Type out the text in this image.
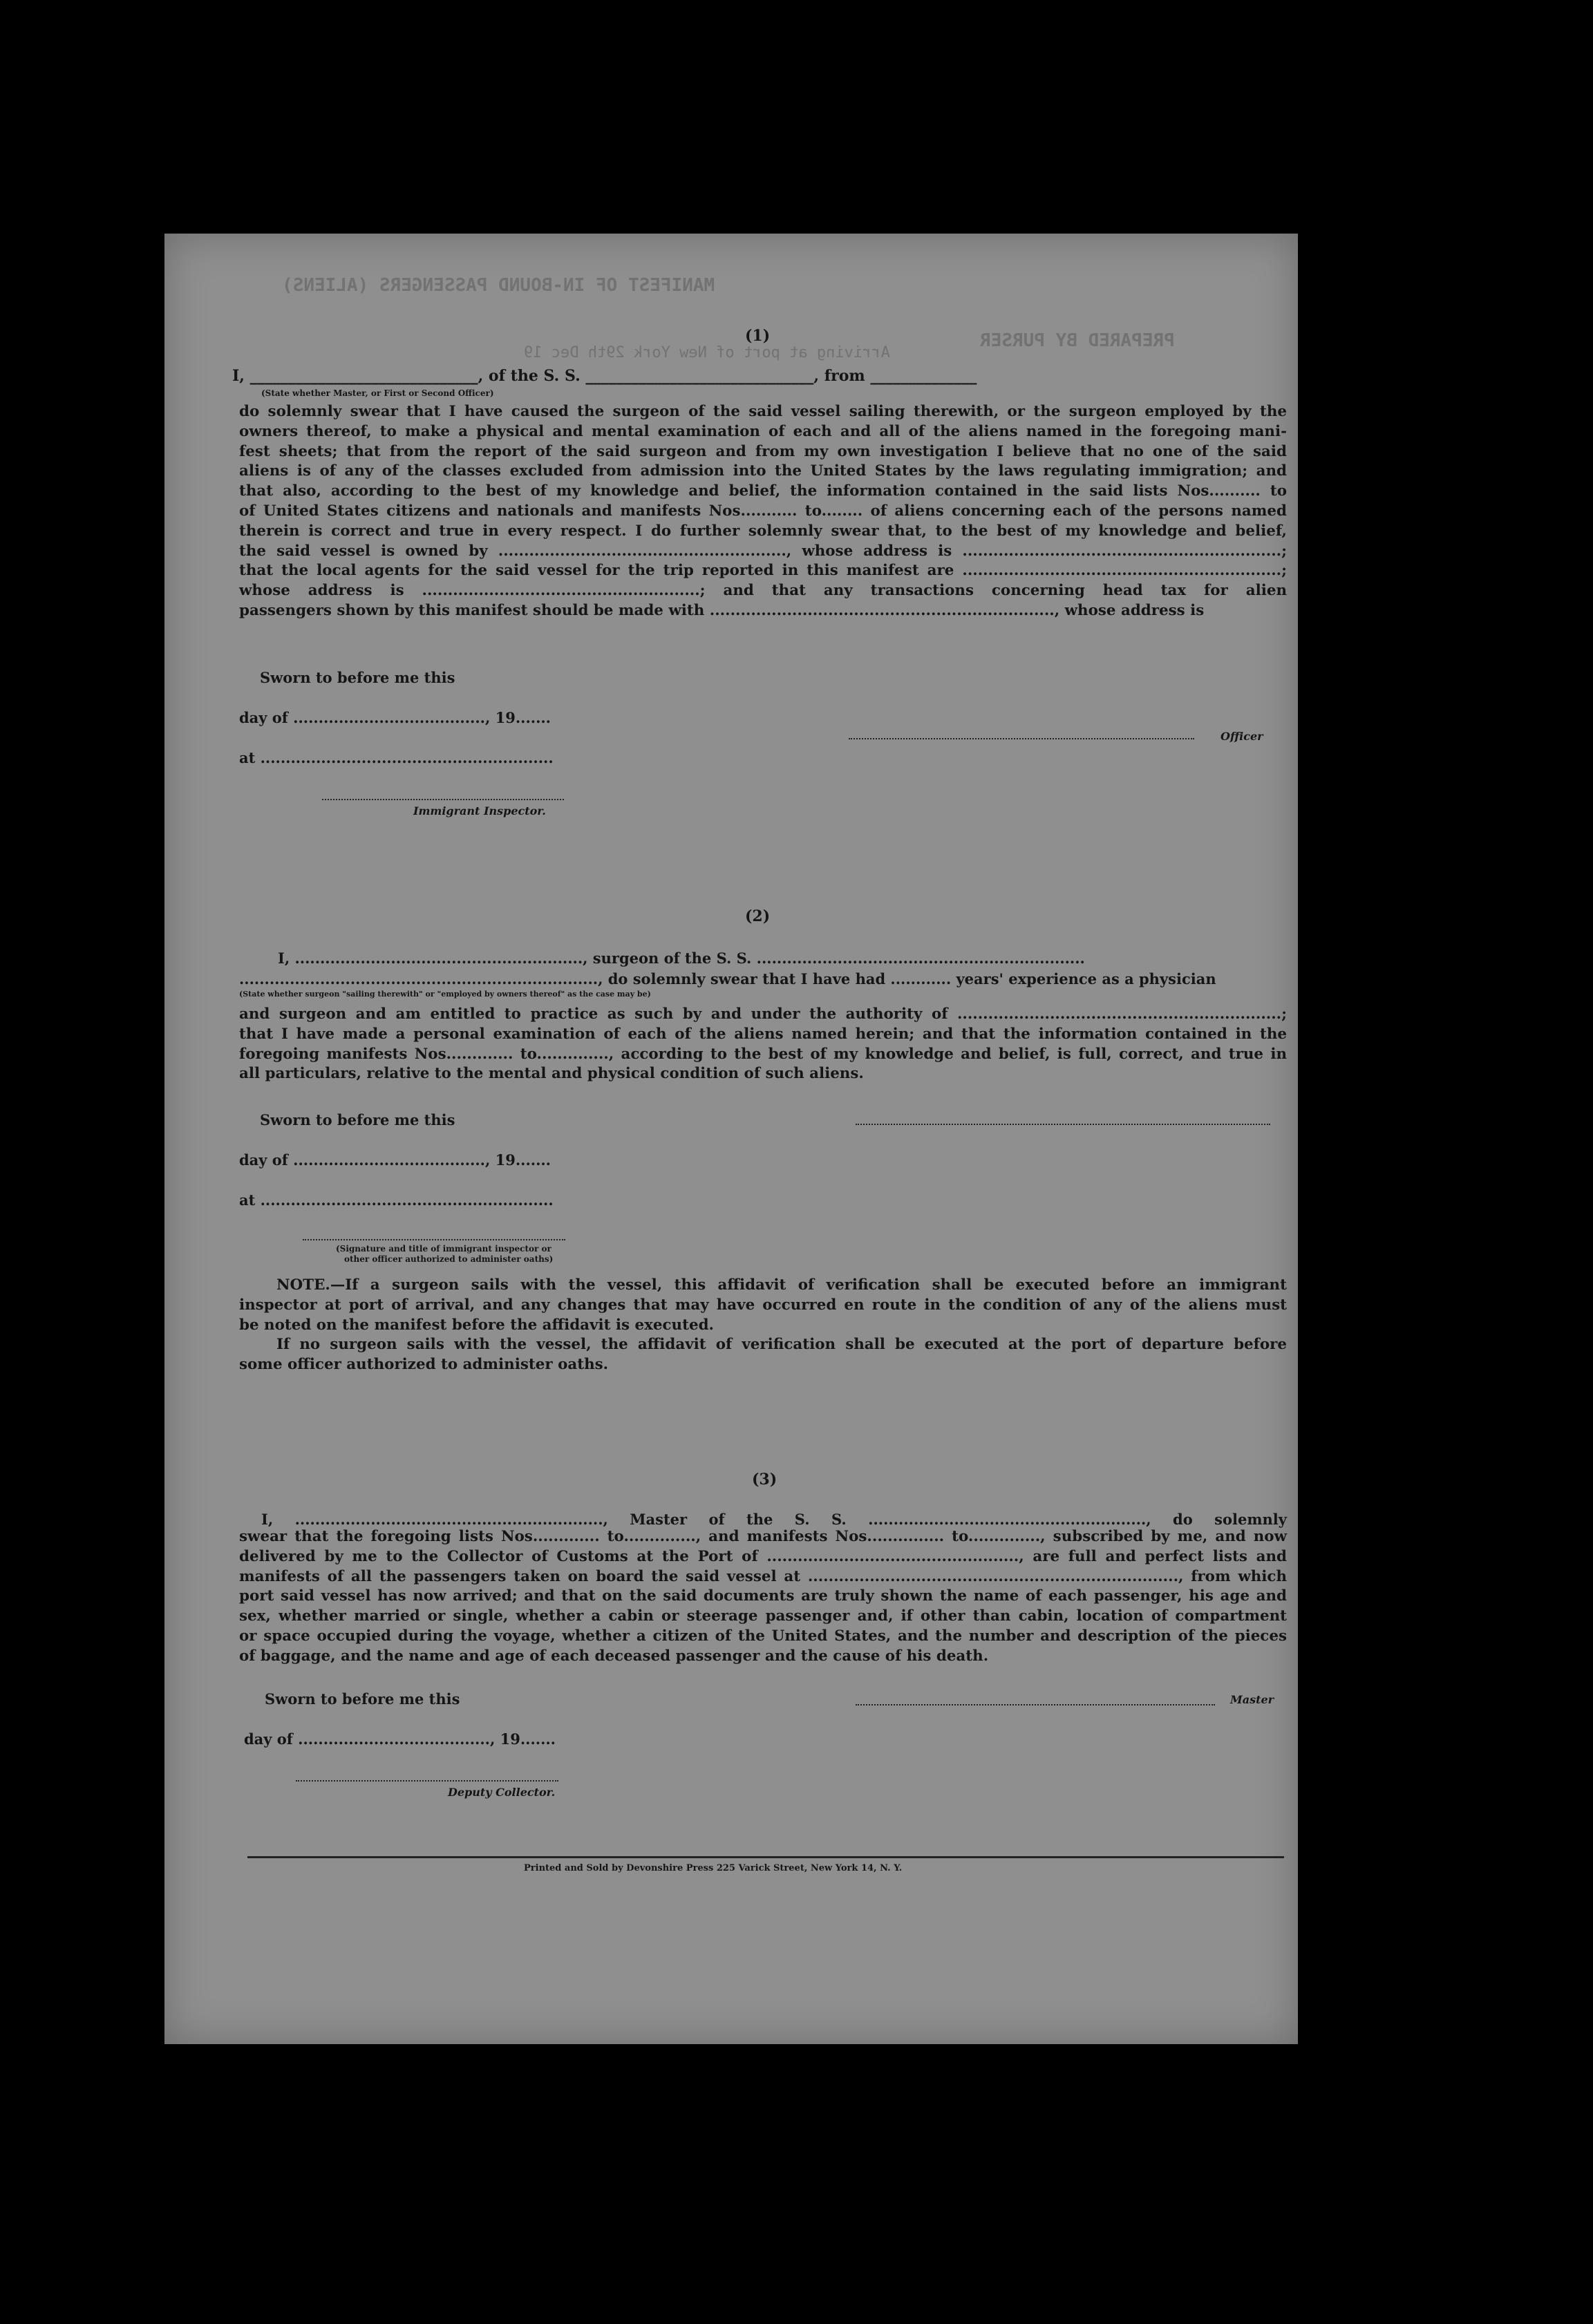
MANIFEST OF IN-BOUND PASSENGERS (ALIENS)
PREPARED BY PURSER
Arriving at port of New York 29th Dec 19
(1)
I, ______________________________, of the S. S. ______________________________, from ______________
(State whether Master, or First or Second Officer)

do solemnly swear that I have caused the surgeon of the said vessel sailing therewith, or the surgeon employed by the

owners thereof, to make a physical and mental examination of each and all of the aliens named in the foregoing mani-

fest sheets; that from the report of the said surgeon and from my own investigation I believe that no one of the said

aliens is of any of the classes excluded from admission into the United States by the laws regulating immigration; and

that also, according to the best of my knowledge and belief, the information contained in the said lists Nos.......... to

of United States citizens and nationals and manifests Nos........... to........ of aliens concerning each of the persons named

therein is correct and true in every respect. I do further solemnly swear that, to the best of my knowledge and belief,

the said vessel is owned by ........................................................, whose address is ..............................................................;

that the local agents for the said vessel for the trip reported in this manifest are ..............................................................;

whose address is ......................................................; and that any transactions concerning head tax for alien

passengers shown by this manifest should be made with ..................................................................., whose address is

Sworn to before me this
day of ......................................, 19.......
at ..........................................................
Immigrant Inspector.
Officer
(2)
I, ........................................................., surgeon of the S. S. .................................................................
......................................................................., do solemnly swear that I have had ............ years' experience as a physician
(State whether surgeon "sailing therewith" or "employed by owners thereof" as the case may be)

and surgeon and am entitled to practice as such by and under the authority of ...............................................................;

that I have made a personal examination of each of the aliens named herein; and that the information contained in the

foregoing manifests Nos............. to.............., according to the best of my knowledge and belief, is full, correct, and true in

all particulars, relative to the mental and physical condition of such aliens.

Sworn to before me this
day of ......................................, 19.......
at ..........................................................
(Signature and title of immigrant inspector or
other officer authorized to administer oaths)

NOTE.—If a surgeon sails with the vessel, this affidavit of verification shall be executed before an immigrant

inspector at port of arrival, and any changes that may have occurred en route in the condition of any of the aliens must

be noted on the manifest before the affidavit is executed.

If no surgeon sails with the vessel, the affidavit of verification shall be executed at the port of departure before

some officer authorized to administer oaths.

(3)
I, ............................................................., Master of the S. S. ......................................................., do solemnly

swear that the foregoing lists Nos............. to.............., and manifests Nos............... to.............., subscribed by me, and now

delivered by me to the Collector of Customs at the Port of ................................................., are full and perfect lists and

manifests of all the passengers taken on board the said vessel at ........................................................................, from which

port said vessel has now arrived; and that on the said documents are truly shown the name of each passenger, his age and

sex, whether married or single, whether a cabin or steerage passenger and, if other than cabin, location of compartment

or space occupied during the voyage, whether a citizen of the United States, and the number and description of the pieces

of baggage, and the name and age of each deceased passenger and the cause of his death.

Sworn to before me this
day of ......................................, 19.......
Deputy Collector.
Master
Printed and Sold by Devonshire Press 225 Varick Street, New York 14, N. Y.
